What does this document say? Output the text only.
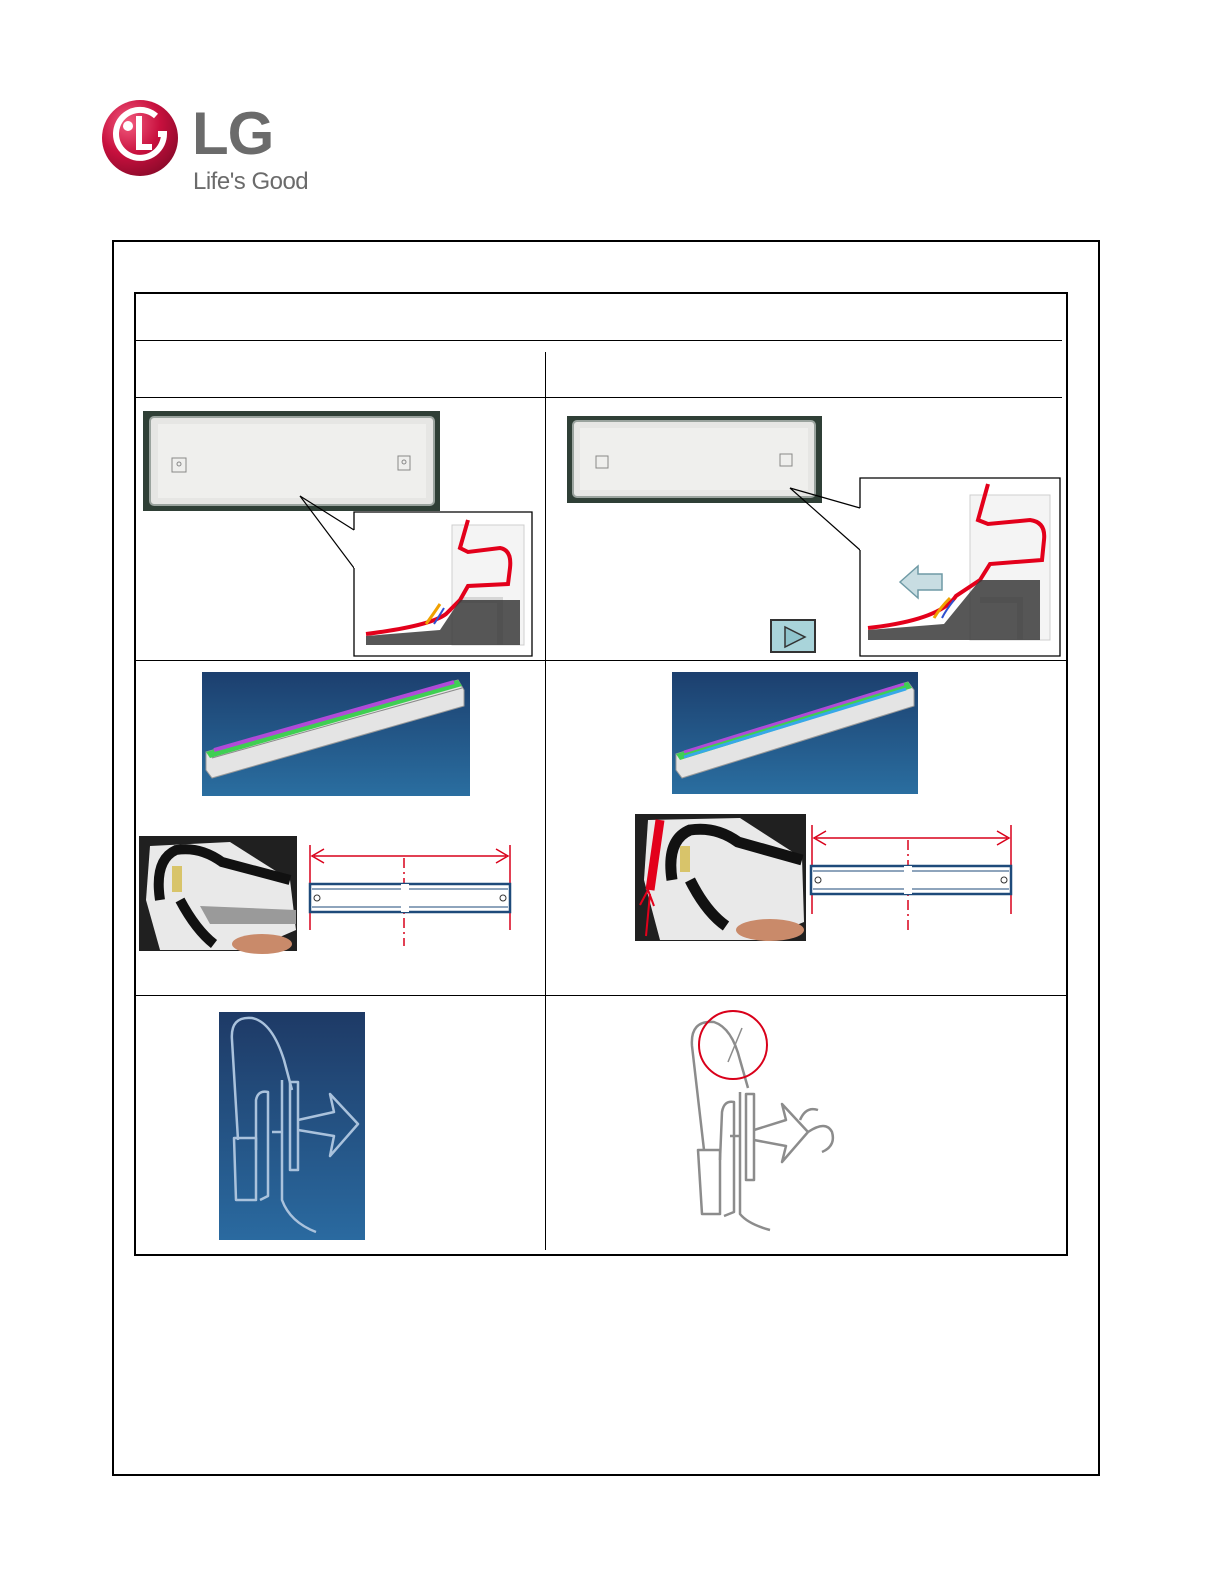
LG
Life's Good
